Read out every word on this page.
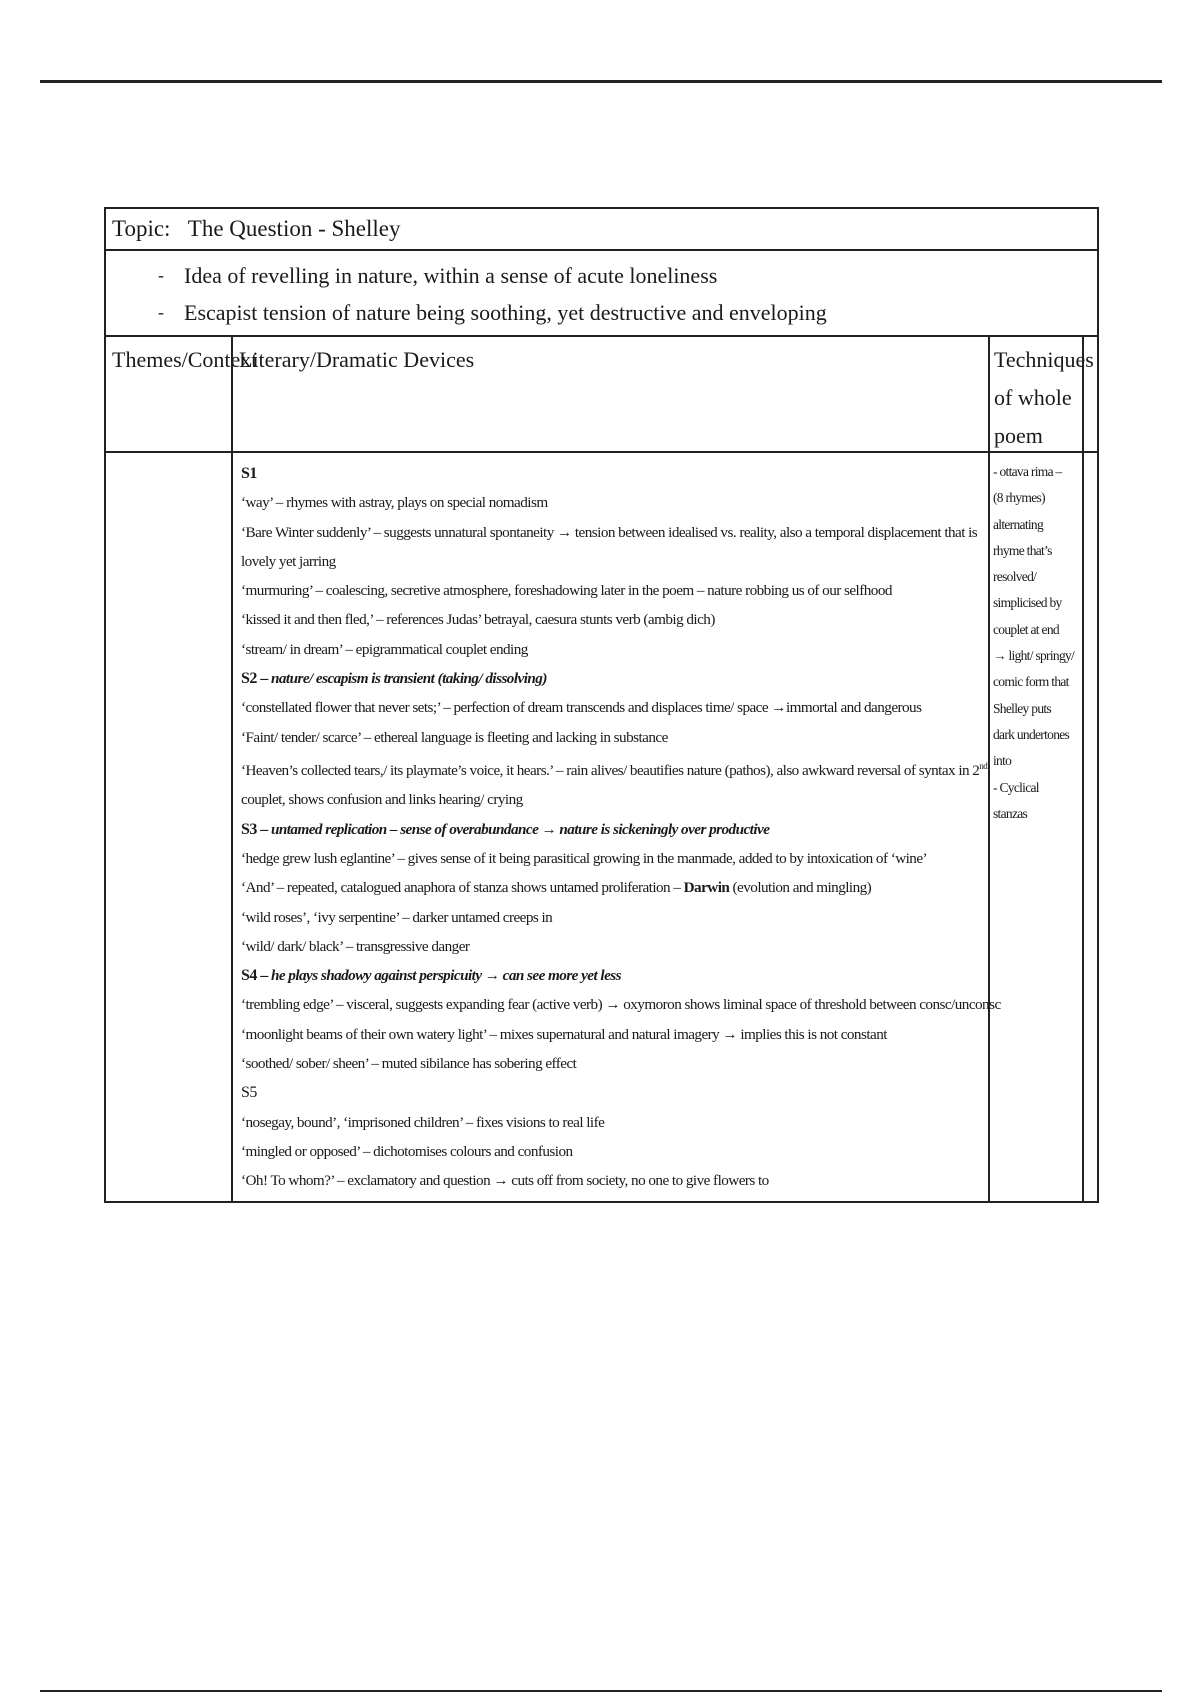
Topic: The Question - Shelley
- Idea of revelling in nature, within a sense of acute loneliness
- Escapist tension of nature being soothing, yet destructive and enveloping
Themes/Context
Literary/Dramatic Devices	Techniques of whole poem
S1
‘way’ – rhymes with astray, plays on special nomadism
‘Bare Winter suddenly’ – suggests unnatural spontaneity → tension between idealised vs. reality, also a temporal displacement that is lovely yet jarring
‘murmuring’ – coalescing, secretive atmosphere, foreshadowing later in the poem – nature robbing us of our selfhood
‘kissed it and then fled,’ – references Judas’ betrayal, caesura stunts verb (ambig dich)
‘stream/ in dream’ – epigrammatical couplet ending
S2 – nature/ escapism is transient (taking/ dissolving)
‘constellated flower that never sets;’ – perfection of dream transcends and displaces time/ space →immortal and dangerous
‘Faint/ tender/ scarce’ – ethereal language is fleeting and lacking in substance
‘Heaven’s collected tears,/ its playmate’s voice, it hears.’ – rain alives/ beautifies nature (pathos), also awkward reversal of syntax in 2nd
couplet, shows confusion and links hearing/ crying
S3 – untamed replication – sense of overabundance → nature is sickeningly over productive
‘hedge grew lush eglantine’ – gives sense of it being parasitical growing in the manmade, added to by intoxication of ‘wine’
‘And’ – repeated, catalogued anaphora of stanza shows untamed proliferation – Darwin (evolution and mingling)
‘wild roses’, ‘ivy serpentine’ – darker untamed creeps in
‘wild/ dark/ black’ – transgressive danger
S4 – he plays shadowy against perspicuity → can see more yet less
‘trembling edge’ – visceral, suggests expanding fear (active verb) → oxymoron shows liminal space of threshold between consc/unconsc
‘moonlight beams of their own watery light’ – mixes supernatural and natural imagery → implies this is not constant
‘soothed/ sober/ sheen’ – muted sibilance has sobering effect
S5
‘nosegay, bound’, ‘imprisoned children’ – fixes visions to real life
‘mingled or opposed’ – dichotomises colours and confusion
‘Oh! To whom?’ – exclamatory and question → cuts off from society, no one to give flowers to
- ottava rima –
(8 rhymes)
alternating
rhyme that’s
resolved/
simplicised by
couplet at end
→ light/ springy/
comic form that
Shelley puts
dark undertones
into
- Cyclical
stanzas
